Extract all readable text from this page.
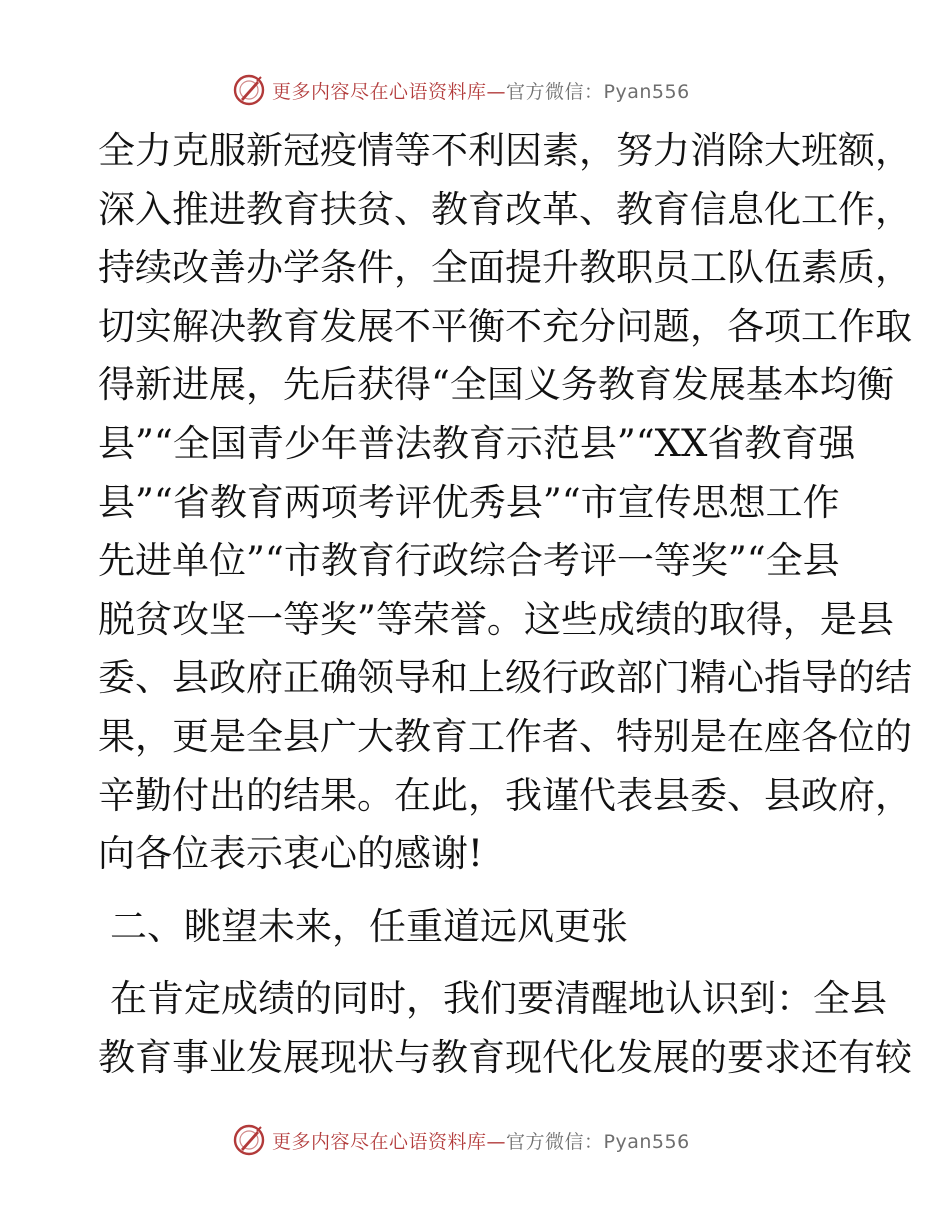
更多内容尽在心语资料库—官方微信：Pyan556
全力克服新冠疫情等不利因素，努力消除大班额，
深入推进教育扶贫、教育改革、教育信息化工作，
持续改善办学条件，全面提升教职员工队伍素质，
切实解决教育发展不平衡不充分问题，各项工作取
得新进展，先后获得“全国义务教育发展基本均衡
县”“全国青少年普法教育示范县”“XX省教育强
县”“省教育两项考评优秀县”“市宣传思想工作
先进单位”“市教育行政综合考评一等奖”“全县
脱贫攻坚一等奖”等荣誉。这些成绩的取得，是县
委、县政府正确领导和上级行政部门精心指导的结
果，更是全县广大教育工作者、特别是在座各位的
辛勤付出的结果。在此，我谨代表县委、县政府，
向各位表示衷心的感谢!
二、眺望未来，任重道远风更张
在肯定成绩的同时，我们要清醒地认识到：全县
教育事业发展现状与教育现代化发展的要求还有较
更多内容尽在心语资料库—官方微信：Pyan556
